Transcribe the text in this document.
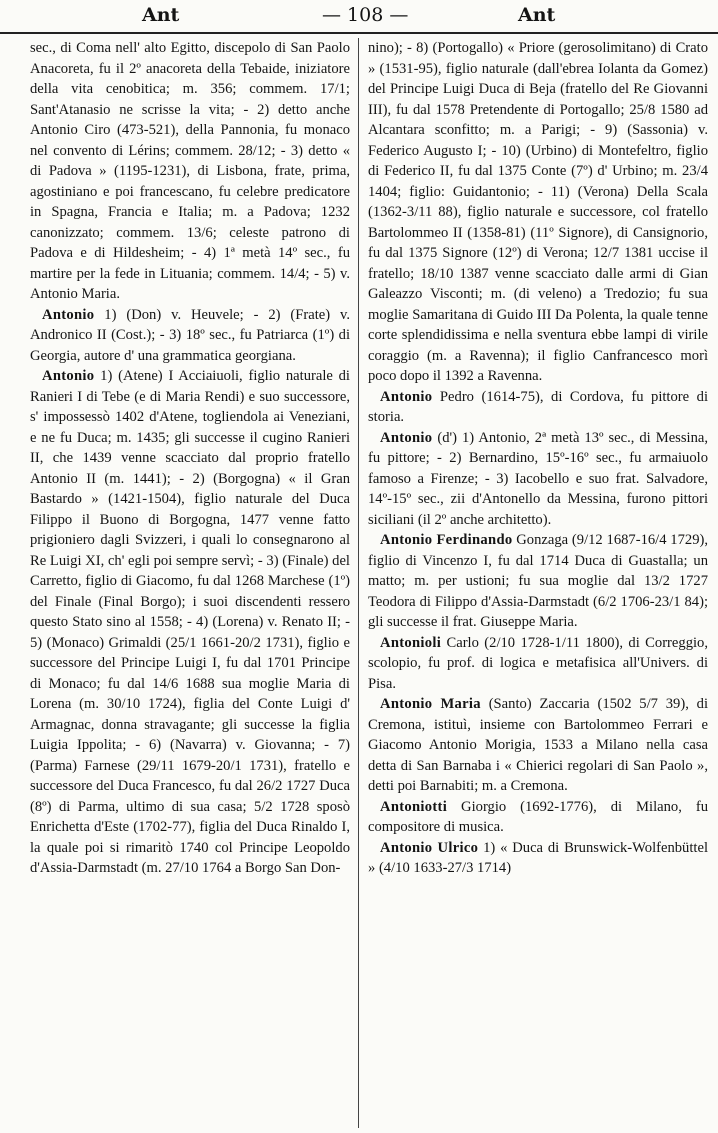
Ant	— 108 —	Ant

sec., di Coma nell' alto Egitto, discepolo di San Paolo Anacoreta, fu il 2º anacoreta della Tebaide, iniziatore della vita cenobitica; m. 356; commem. 17/1; Sant'Atanasio ne scrisse la vita; - 2) detto anche Antonio Ciro (473-521), della Pannonia, fu monaco nel convento di Lérins; commem. 28/12; - 3) detto « di Padova » (1195-1231), di Lisbona, frate, prima, agostiniano e poi francescano, fu celebre predicatore in Spagna, Francia e Italia; m. a Padova; 1232 canonizzato; commem. 13/6; celeste patrono di Padova e di Hildesheim; - 4) 1ª metà 14º sec., fu martire per la fede in Lituania; commem. 14/4; - 5) v. Antonio Maria.

Antonio 1) (Don) v. Heuvele; - 2) (Frate) v. Andronico II (Cost.); - 3) 18º sec., fu Patriarca (1º) di Georgia, autore d' una grammatica georgiana.

Antonio 1) (Atene) I Acciaiuoli, figlio naturale di Ranieri I di Tebe (e di Maria Rendi) e suo successore, s' impossessò 1402 d'Atene, togliendola ai Veneziani, e ne fu Duca; m. 1435; gli successe il cugino Ranieri II, che 1439 venne scacciato dal proprio fratello Antonio II (m. 1441); - 2) (Borgogna) « il Gran Bastardo » (1421-1504), figlio naturale del Duca Filippo il Buono di Borgogna, 1477 venne fatto prigioniero dagli Svizzeri, i quali lo consegnarono al Re Luigi XI, ch' egli poi sempre servì; - 3) (Finale) del Carretto, figlio di Giacomo, fu dal 1268 Marchese (1º) del Finale (Final Borgo); i suoi discendenti ressero questo Stato sino al 1558; - 4) (Lorena) v. Renato II; - 5) (Monaco) Grimaldi (25/1 1661-20/2 1731), figlio e successore del Principe Luigi I, fu dal 1701 Principe di Monaco; fu dal 14/6 1688 sua moglie Maria di Lorena (m. 30/10 1724), figlia del Conte Luigi d' Armagnac, donna stravagante; gli successe la figlia Luigia Ippolita; - 6) (Navarra) v. Giovanna; - 7) (Parma) Farnese (29/11 1679-20/1 1731), fratello e successore del Duca Francesco, fu dal 26/2 1727 Duca (8º) di Parma, ultimo di sua casa; 5/2 1728 sposò Enrichetta d'Este (1702-77), figlia del Duca Rinaldo I, la quale poi si rimaritò 1740 col Principe Leopoldo d'Assia-Darmstadt (m. 27/10 1764 a Borgo San Don-

nino); - 8) (Portogallo) « Priore (gerosolimitano) di Crato » (1531-95), figlio naturale (dall'ebrea Iolanta da Gomez) del Principe Luigi Duca di Beja (fratello del Re Giovanni III), fu dal 1578 Pretendente di Portogallo; 25/8 1580 ad Alcantara sconfitto; m. a Parigi; - 9) (Sassonia) v. Federico Augusto I; - 10) (Urbino) di Montefeltro, figlio di Federico II, fu dal 1375 Conte (7º) d' Urbino; m. 23/4 1404; figlio: Guidantonio; - 11) (Verona) Della Scala (1362-3/11 88), figlio naturale e successore, col fratello Bartolommeo II (1358-81) (11º Signore), di Cansignorio, fu dal 1375 Signore (12º) di Verona; 12/7 1381 uccise il fratello; 18/10 1387 venne scacciato dalle armi di Gian Galeazzo Visconti; m. (di veleno) a Tredozio; fu sua moglie Samaritana di Guido III Da Polenta, la quale tenne corte splendidissima e nella sventura ebbe lampi di virile coraggio (m. a Ravenna); il figlio Canfrancesco morì poco dopo il 1392 a Ravenna.

Antonio Pedro (1614-75), di Cordova, fu pittore di storia.

Antonio (d') 1) Antonio, 2ª metà 13º sec., di Messina, fu pittore; - 2) Bernardino, 15º-16º sec., fu armaiuolo famoso a Firenze; - 3) Iacobello e suo frat. Salvadore, 14º-15º sec., zii d'Antonello da Messina, furono pittori siciliani (il 2º anche architetto).

Antonio Ferdinando Gonzaga (9/12 1687-16/4 1729), figlio di Vincenzo I, fu dal 1714 Duca di Guastalla; un matto; m. per ustioni; fu sua moglie dal 13/2 1727 Teodora di Filippo d'Assia-Darmstadt (6/2 1706-23/1 84); gli successe il frat. Giuseppe Maria.

Antonioli Carlo (2/10 1728-1/11 1800), di Correggio, scolopio, fu prof. di logica e metafisica all'Univers. di Pisa.

Antonio Maria (Santo) Zaccaria (1502 5/7 39), di Cremona, istituì, insieme con Bartolommeo Ferrari e Giacomo Antonio Morigia, 1533 a Milano nella casa detta di San Barnaba i « Chierici regolari di San Paolo », detti poi Barnabiti; m. a Cremona.

Antoniotti Giorgio (1692-1776), di Milano, fu compositore di musica.

Antonio Ulrico 1) « Duca di Brunswick-Wolfenbüttel » (4/10 1633-27/3 1714)
